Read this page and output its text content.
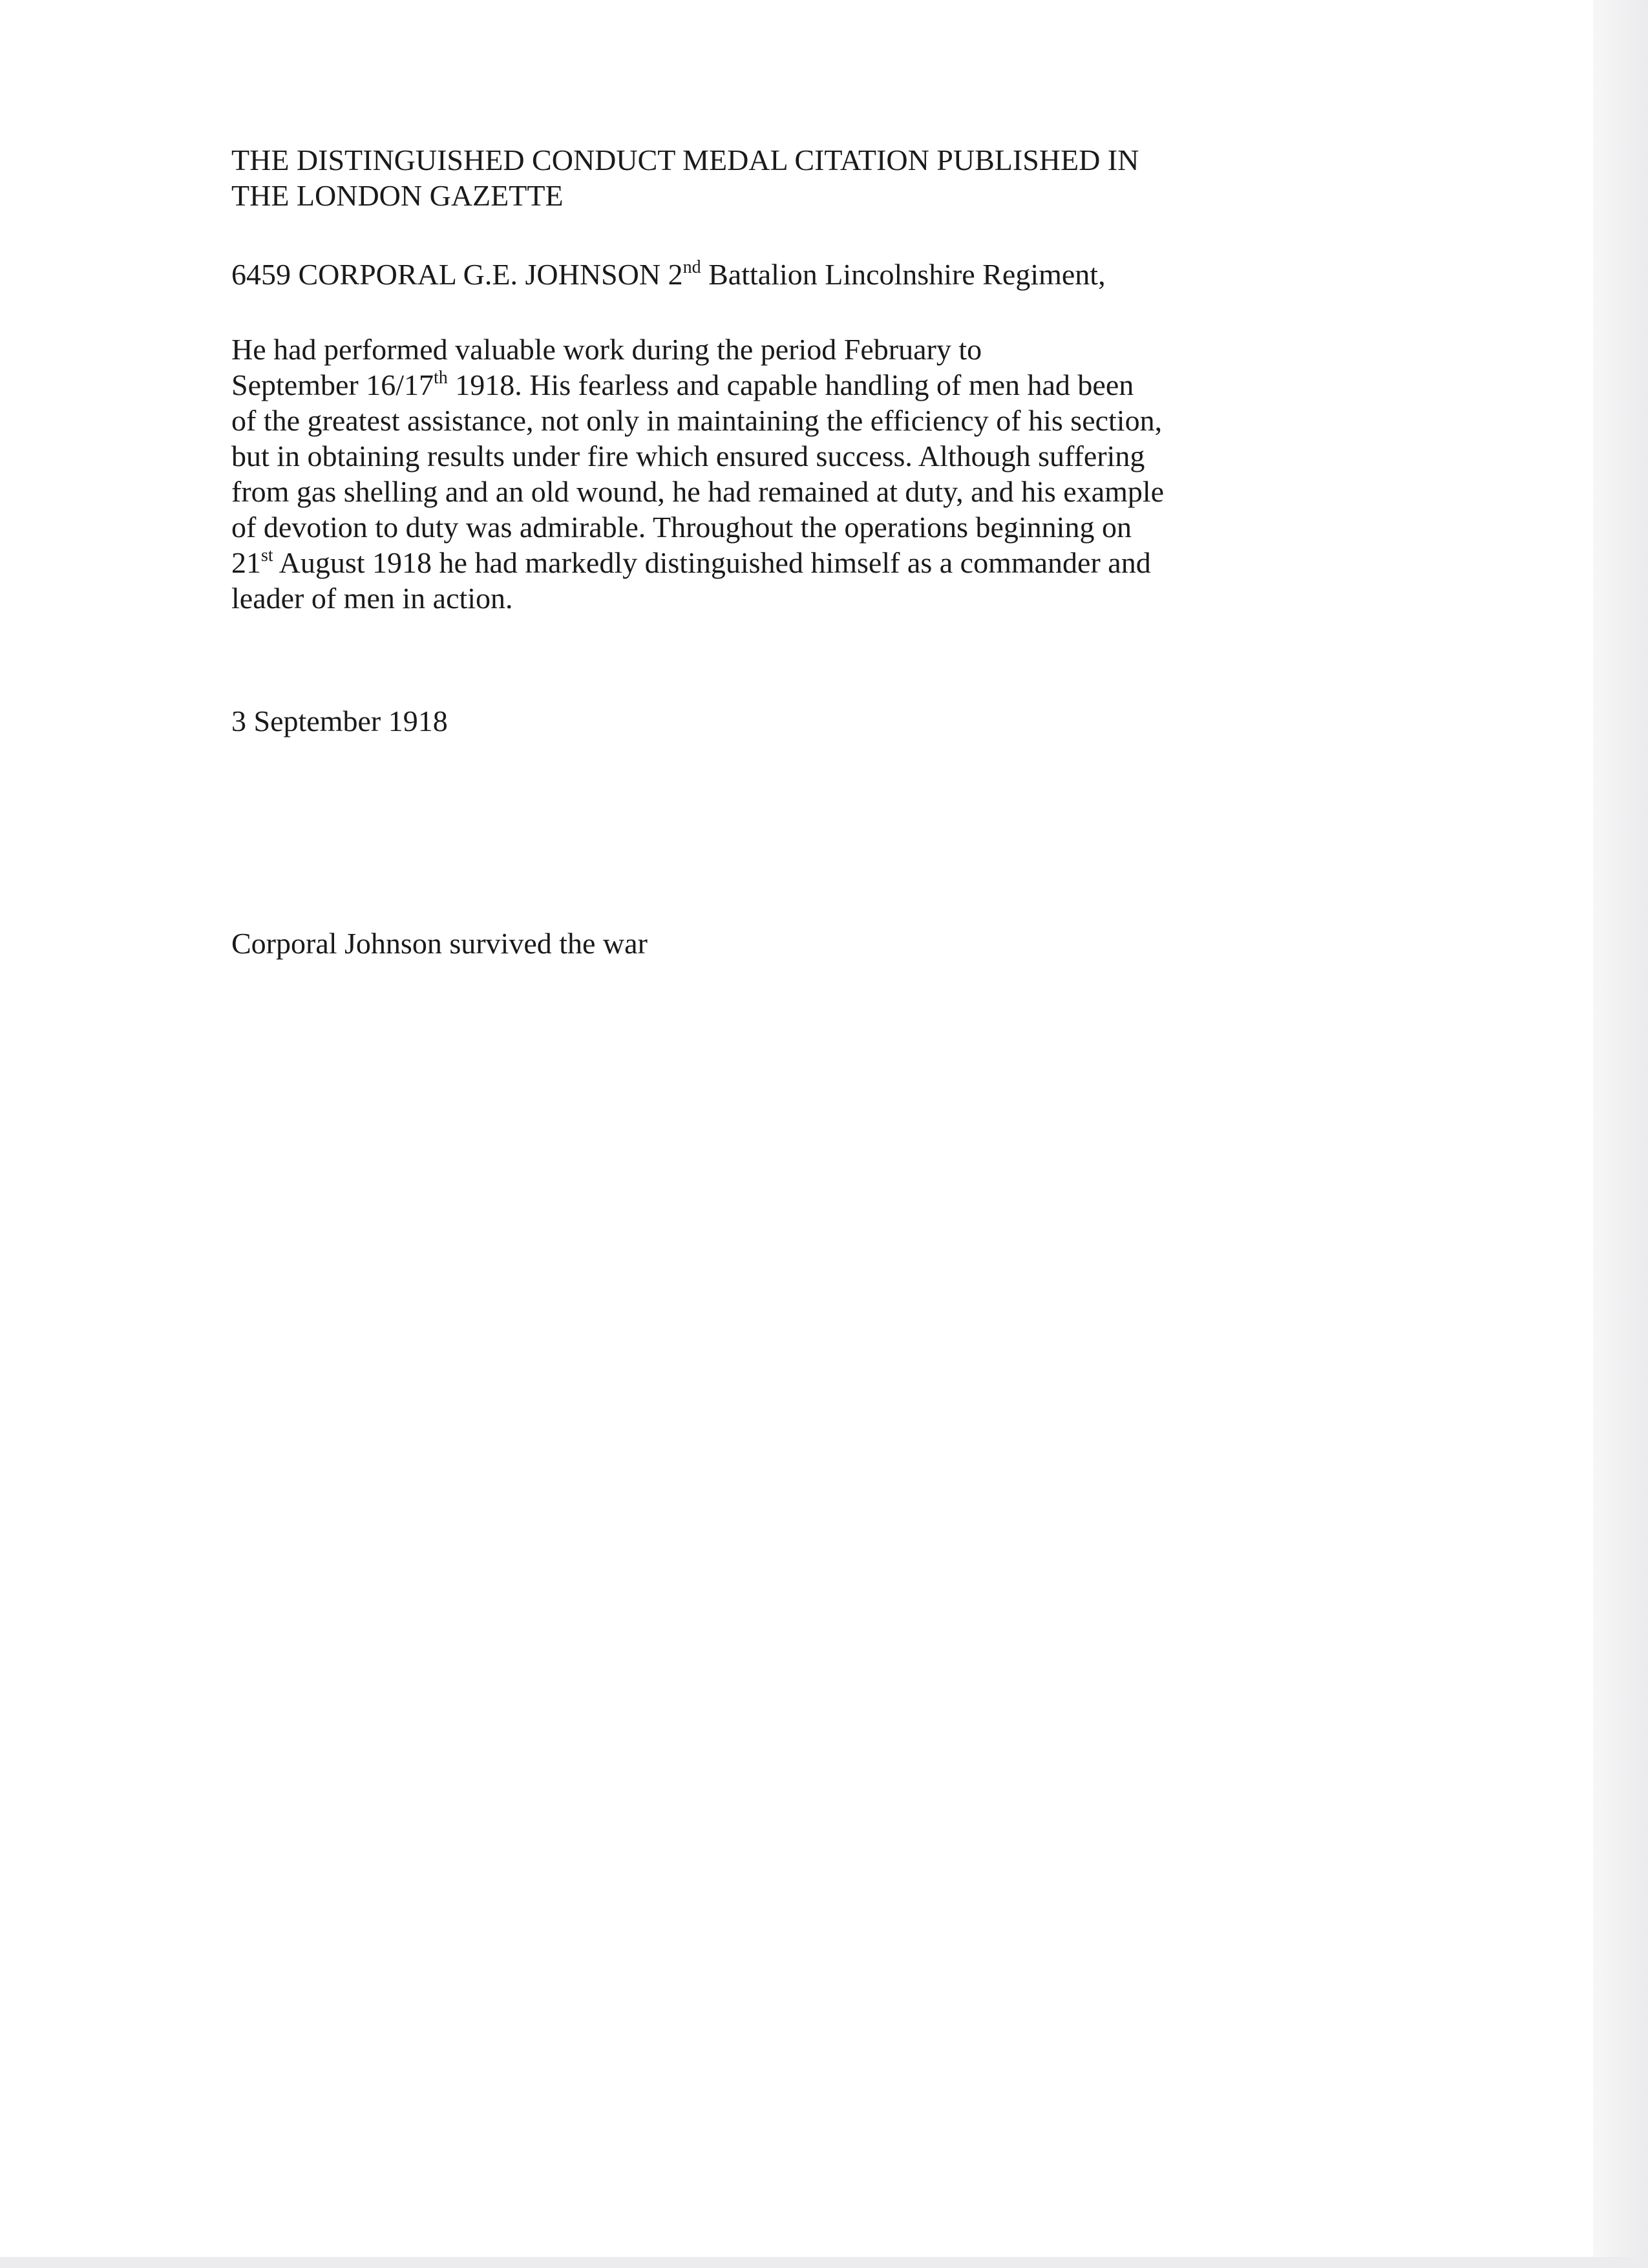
THE DISTINGUISHED CONDUCT MEDAL CITATION PUBLISHED IN
THE LONDON GAZETTE
6459 CORPORAL G.E. JOHNSON 2nd Battalion Lincolnshire Regiment,
He had performed valuable work during the period February to
September 16/17th 1918. His fearless and capable handling of men had been
of the greatest assistance, not only in maintaining the efficiency of his section,
but in obtaining results under fire which ensured success. Although suffering
from gas shelling and an old wound, he had remained at duty, and his example
of devotion to duty was admirable. Throughout the operations beginning on
21st August 1918 he had markedly distinguished himself as a commander and
leader of men in action.
3 September 1918
Corporal Johnson survived the war
